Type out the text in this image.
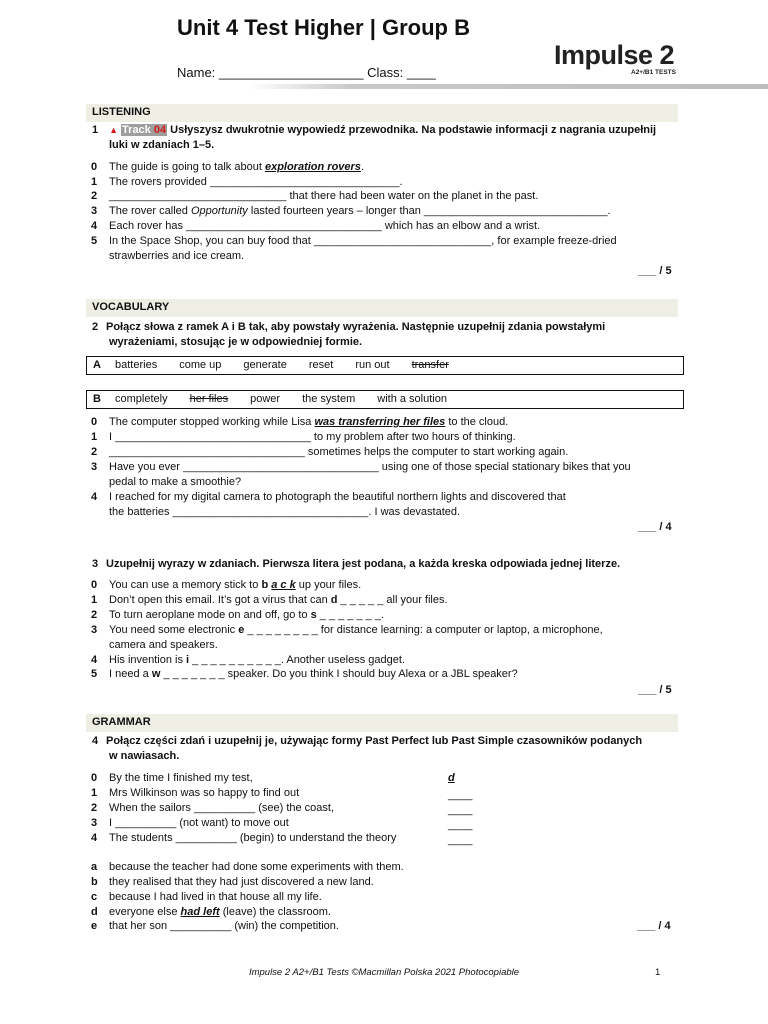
Unit 4 Test Higher | Group B
Name: ____________________ Class: ____
Impulse 2
A2+/B1 TESTS
LISTENING
1 ▲ Track 04 Usłyszysz dwukrotnie wypowiedź przewodnika. Na podstawie informacji z nagrania uzupełnij
luki w zdaniach 1–5.
0	The guide is going to talk about exploration rovers.
1	The rovers provided _______________________________.
2	_____________________________ that there had been water on the planet in the past.
3	The rover called Opportunity lasted fourteen years – longer than ______________________________.
4	Each rover has ________________________________ which has an elbow and a wrist.
5	In the Space Shop, you can buy food that _____________________________, for example freeze-dried
strawberries and ice cream.
___ / 5
VOCABULARY
2 Połącz słowa z ramek A i B tak, aby powstały wyrażenia. Następnie uzupełnij zdania powstałymi
wyrażeniami, stosując je w odpowiedniej formie.
A	batteries come up generate reset run out transfer
B	completely her files power the system with a solution
0	The computer stopped working while Lisa was transferring her files to the cloud.
1	I ________________________________ to my problem after two hours of thinking.
2	________________________________ sometimes helps the computer to start working again.
3	Have you ever ________________________________ using one of those special stationary bikes that you
pedal to make a smoothie?
4	I reached for my digital camera to photograph the beautiful northern lights and discovered that
the batteries ________________________________. I was devastated.
___ / 4
3 Uzupełnij wyrazy w zdaniach. Pierwsza litera jest podana, a każda kreska odpowiada jednej literze.
0	You can use a memory stick to b a c k up your files.
1	Don’t open this email. It’s got a virus that can d _ _ _ _ _ all your files.
2	To turn aeroplane mode on and off, go to s _ _ _ _ _ _ _.
3	You need some electronic e _ _ _ _ _ _ _ _ for distance learning: a computer or laptop, a microphone,
camera and speakers.
4	His invention is i _ _ _ _ _ _ _ _ _ _. Another useless gadget.
5	I need a w _ _ _ _ _ _ _ speaker. Do you think I should buy Alexa or a JBL speaker?
___ / 5
GRAMMAR
4 Połącz części zdań i uzupełnij je, używając formy Past Perfect lub Past Simple czasowników podanych
w nawiasach.
0	By the time I finished my test,	d
1	Mrs Wilkinson was so happy to find out	____
2	When the sailors __________ (see) the coast,	____
3	I __________ (not want) to move out	____
4	The students __________ (begin) to understand the theory	____
a	because the teacher had done some experiments with them.
b	they realised that they had just discovered a new land.
c	because I had lived in that house all my life.
d	everyone else had left (leave) the classroom.
e	that her son __________ (win) the competition.	___ / 4
Impulse 2 A2+/B1 Tests ©Macmillan Polska 2021 Photocopiable	1
